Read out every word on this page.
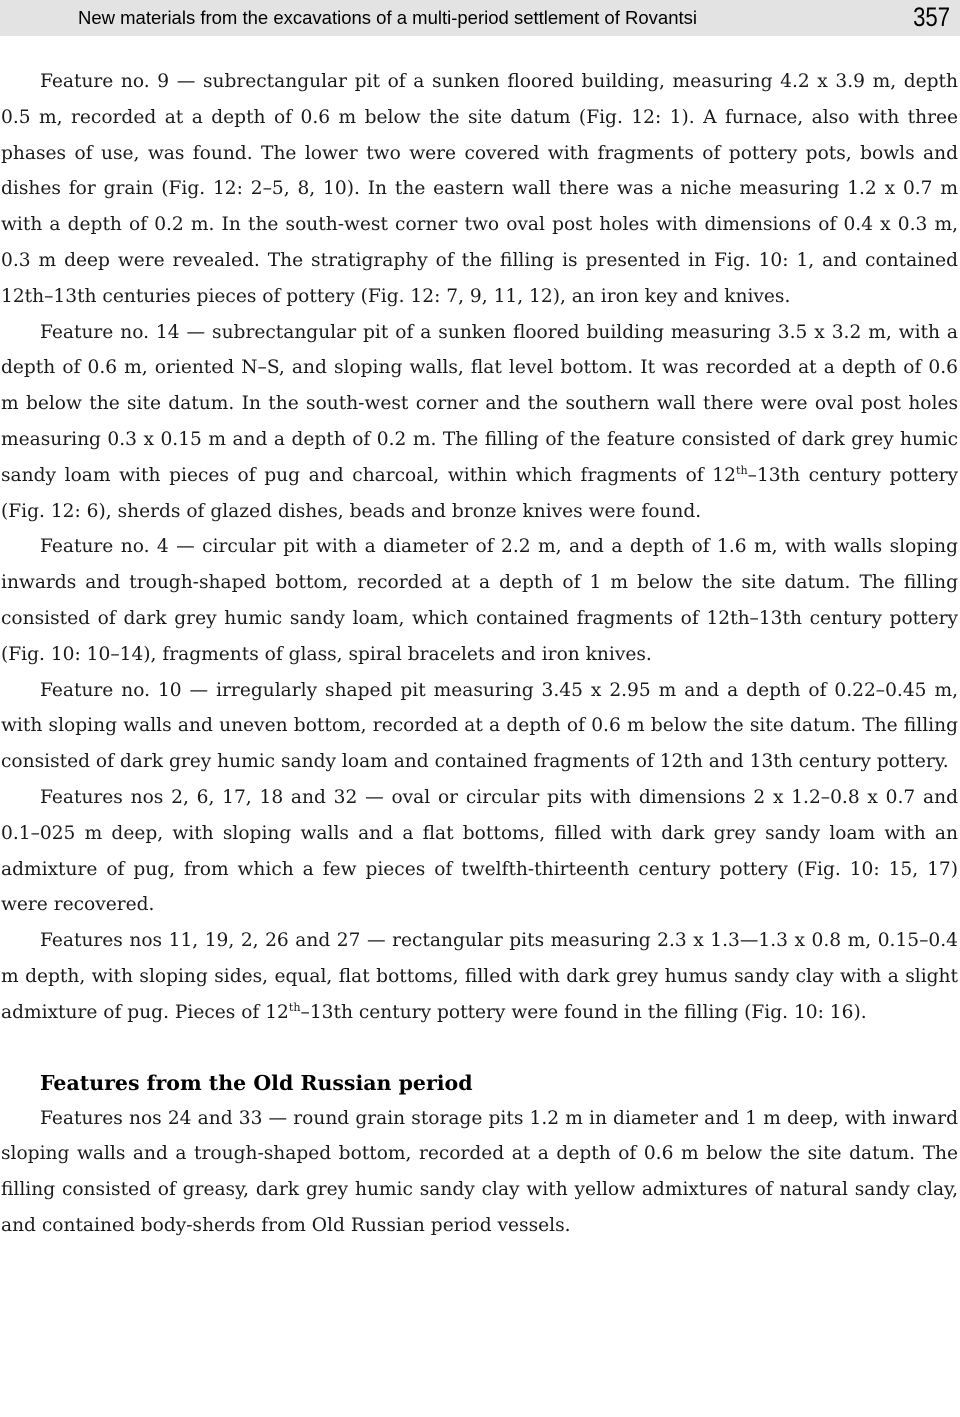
New materials from the excavations of a multi-period settlement of Rovantsi	357

Feature no. 9 — subrectangular pit of a sunken floored building, measuring 4.2 x 3.9 m, depth 0.5 m, recorded at a depth of 0.6 m below the site datum (Fig. 12: 1). A furnace, also with three phases of use, was found. The lower two were covered with fragments of pottery pots, bowls and dishes for grain (Fig. 12: 2–5, 8, 10). In the eastern wall there was a niche measuring 1.2 x 0.7 m with a depth of 0.2 m. In the south-west corner two oval post holes with dimensions of 0.4 x 0.3 m, 0.3 m deep were revealed. The stratigraphy of the filling is presented in Fig. 10: 1, and contained 12th–13th centuries pieces of pottery (Fig. 12: 7, 9, 11, 12), an iron key and knives.

Feature no. 14 — subrectangular pit of a sunken floored building measuring 3.5 x 3.2 m, with a depth of 0.6 m, oriented N–S, and sloping walls, flat level bottom. It was recorded at a depth of 0.6 m below the site datum. In the south-west corner and the southern wall there were oval post holes measuring 0.3 x 0.15 m and a depth of 0.2 m. The filling of the feature consisted of dark grey humic sandy loam with pieces of pug and charcoal, within which fragments of 12th–13th century pottery (Fig. 12: 6), sherds of glazed dishes, beads and bronze knives were found.

Feature no. 4 — circular pit with a diameter of 2.2 m, and a depth of 1.6 m, with walls sloping inwards and trough-shaped bottom, recorded at a depth of 1 m below the site datum. The filling consisted of dark grey humic sandy loam, which contained fragments of 12th–13th century pottery (Fig. 10: 10–14), fragments of glass, spiral bracelets and iron knives.

Feature no. 10 — irregularly shaped pit measuring 3.45 x 2.95 m and a depth of 0.22–0.45 m, with sloping walls and uneven bottom, recorded at a depth of 0.6 m below the site datum. The filling consisted of dark grey humic sandy loam and contained fragments of 12th and 13th century pottery.

Features nos 2, 6, 17, 18 and 32 — oval or circular pits with dimensions 2 x 1.2–0.8 x 0.7 and 0.1–025 m deep, with sloping walls and a flat bottoms, filled with dark grey sandy loam with an admixture of pug, from which a few pieces of twelfth-thirteenth century pottery (Fig. 10: 15, 17) were recovered.

Features nos 11, 19, 2, 26 and 27 — rectangular pits measuring 2.3 x 1.3—1.3 x 0.8 m, 0.15–0.4 m depth, with sloping sides, equal, flat bottoms, filled with dark grey humus sandy clay with a slight admixture of pug. Pieces of 12th–13th century pottery were found in the filling (Fig. 10: 16).

Features from the Old Russian period

Features nos 24 and 33 — round grain storage pits 1.2 m in diameter and 1 m deep, with inward sloping walls and a trough-shaped bottom, recorded at a depth of 0.6 m below the site datum. The filling consisted of greasy, dark grey humic sandy clay with yellow admixtures of natural sandy clay, and contained body-sherds from Old Russian period vessels.
